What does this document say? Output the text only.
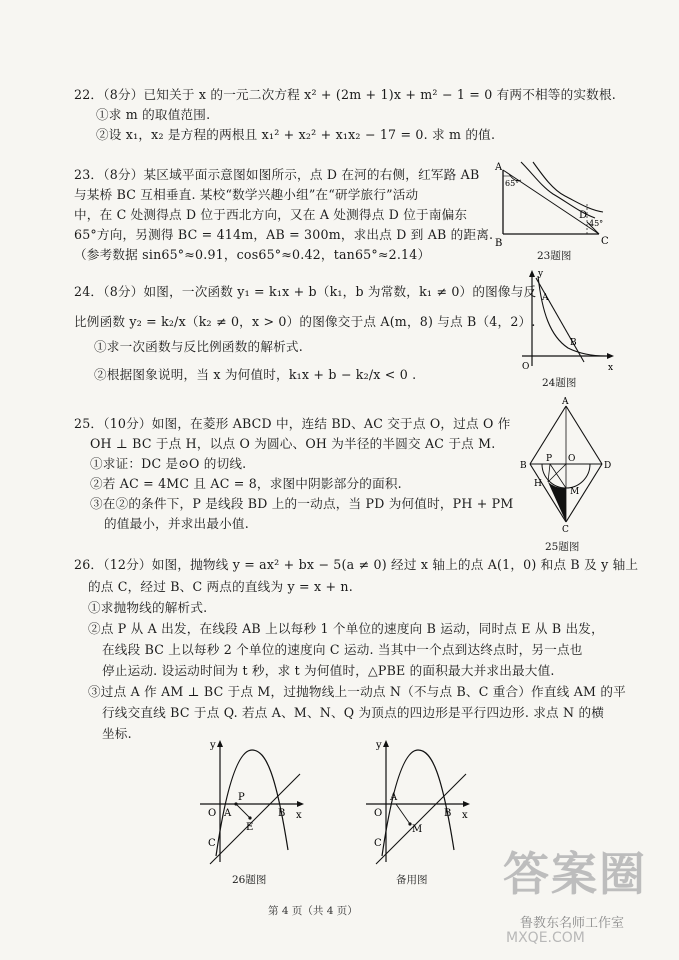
22．（8分）已知关于 x 的一元二次方程 x² + (2m + 1)x + m² − 1 = 0 有两不相等的实数根.
①求 m 的取值范围.
②设 x₁，x₂ 是方程的两根且 x₁² + x₂² + x₁x₂ − 17 = 0. 求 m 的值.
23．（8分）某区域平面示意图如图所示，点 D 在河的右侧，红军路 AB
与某桥 BC 互相垂直. 某校“数学兴趣小组”在“研学旅行”活动
中，在 C 处测得点 D 位于西北方向，又在 A 处测得点 D 位于南偏东
65°方向，另测得 BC = 414m，AB = 300m，求出点 D 到 AB 的距离.
（参考数据 sin65°≈0.91，cos65°≈0.42，tan65°≈2.14）
A
65°
B	C
D
45°
23题图
24．（8分）如图，一次函数 y₁ = k₁x + b（k₁，b 为常数，k₁ ≠ 0）的图像与反
比例函数 y₂ = k₂/x（k₂ ≠ 0，x > 0）的图像交于点 A(m，8) 与点 B（4，2）.
①求一次函数与反比例函数的解析式.
②根据图象说明，当 x 为何值时，k₁x + b − k₂/x < 0 .
y
x
O
A
B
24题图
25．（10分）如图，在菱形 ABCD 中，连结 BD、AC 交于点 O，过点 O 作
OH ⊥ BC 于点 H，以点 O 为圆心、OH 为半径的半圆交 AC 于点 M.
①求证：DC 是⊙O 的切线.
②若 AC = 4MC 且 AC = 8，求图中阴影部分的面积.
③在②的条件下，P 是线段 BD 上的一动点，当 PD 为何值时，PH + PM
的值最小，并求出最小值.
A
B	D
C
O
P
H
M
25题图
26．（12分）如图，抛物线 y = ax² + bx − 5(a ≠ 0) 经过 x 轴上的点 A(1，0) 和点 B 及 y 轴上
的点 C，经过 B、C 两点的直线为 y = x + n.
①求抛物线的解析式.
②点 P 从 A 出发，在线段 AB 上以每秒 1 个单位的速度向 B 运动，同时点 E 从 B 出发，
在线段 BC 上以每秒 2 个单位的速度向 C 运动. 当其中一个点到达终点时，另一点也
停止运动. 设运动时间为 t 秒，求 t 为何值时，△PBE 的面积最大并求出最大值.
③过点 A 作 AM ⊥ BC 于点 M，过抛物线上一动点 N（不与点 B、C 重合）作直线 AM 的平
行线交直线 BC 于点 Q. 若点 A、M、N、Q 为顶点的四边形是平行四边形. 求点 N 的横
坐标.
y
x
O A
P
B
E
C
26题图
y
x
O
A
B
M
C
备用图
第 4 页（共 4 页）
答案圈
鲁教东名师工作室
MXQE.COM
